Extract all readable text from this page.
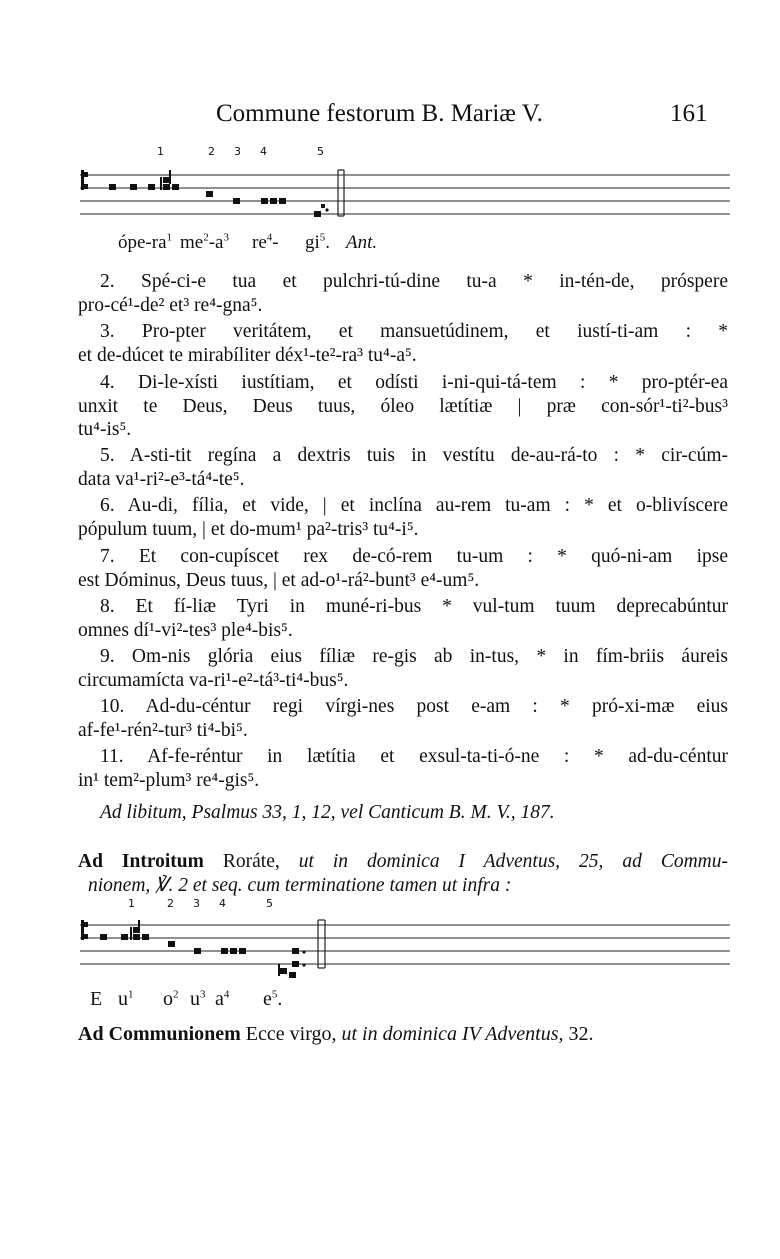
Commune festorum B. Mariæ V.	161
1	2 3 4	5
ópe-$ra^1$ $me^2-a^3$ $re^4-$ $gi^5$. Ant.
2. Spé-ci-e tua et pulchri-tú-dine tu-a * in-tén-de, próspere
pro-cé¹-de² et³ re⁴-gna⁵.
3. Pro-pter veritátem, et mansuetúdinem, et iustí-ti-am : *
et de-dúcet te mirabíliter déx¹-te²-ra³ tu⁴-a⁵.
4. Di-le-xísti iustítiam, et odísti i-ni-qui-tá-tem : * pro-ptér-ea
unxit te Deus, Deus tuus, óleo lætítiæ | præ con-sór¹-ti²-bus³
tu⁴-is⁵.
5. A-sti-tit regína a dextris tuis in vestítu de-au-rá-to : * cir-cúm-
data va¹-ri²-e³-tá⁴-te⁵.
6. Au-di, fília, et vide, | et inclína au-rem tu-am : * et o-blivíscere
pópulum tuum, | et do-mum¹ pa²-tris³ tu⁴-i⁵.
7. Et con-cupíscet rex de-có-rem tu-um : * quó-ni-am ipse
est Dóminus, Deus tuus, | et ad-o¹-rá²-bunt³ e⁴-um⁵.
8. Et fí-liæ Tyri in muné-ri-bus * vul-tum tuum deprecabúntur
omnes dí¹-vi²-tes³ ple⁴-bis⁵.
9. Om-nis glória eius fíliæ re-gis ab in-tus, * in fím-briis áureis
circumamícta va-ri¹-e²-tá³-ti⁴-bus⁵.
10. Ad-du-céntur regi vírgi-nes post e-am : * pró-xi-mæ eius
af-fe¹-rén²-tur³ ti⁴-bi⁵.
11. Af-fe-réntur in lætítia et exsul-ta-ti-ó-ne : * ad-du-céntur
in¹ tem²-plum³ re⁴-gis⁵.
Ad libitum, Psalmus 33, 1, 12, vel Canticum B. M. V., 187.
Ad Introitum Roráte, ut in dominica I Adventus, 25, ad Commu-
nionem, ℣. 2 et seq. cum terminatione tamen ut infra :
1	2 3 4	5
E $u^1$ $o^2$ $u^3$ $a^4$ $e^5$.
Ad Communionem Ecce virgo, ut in dominica IV Adventus, 32.
